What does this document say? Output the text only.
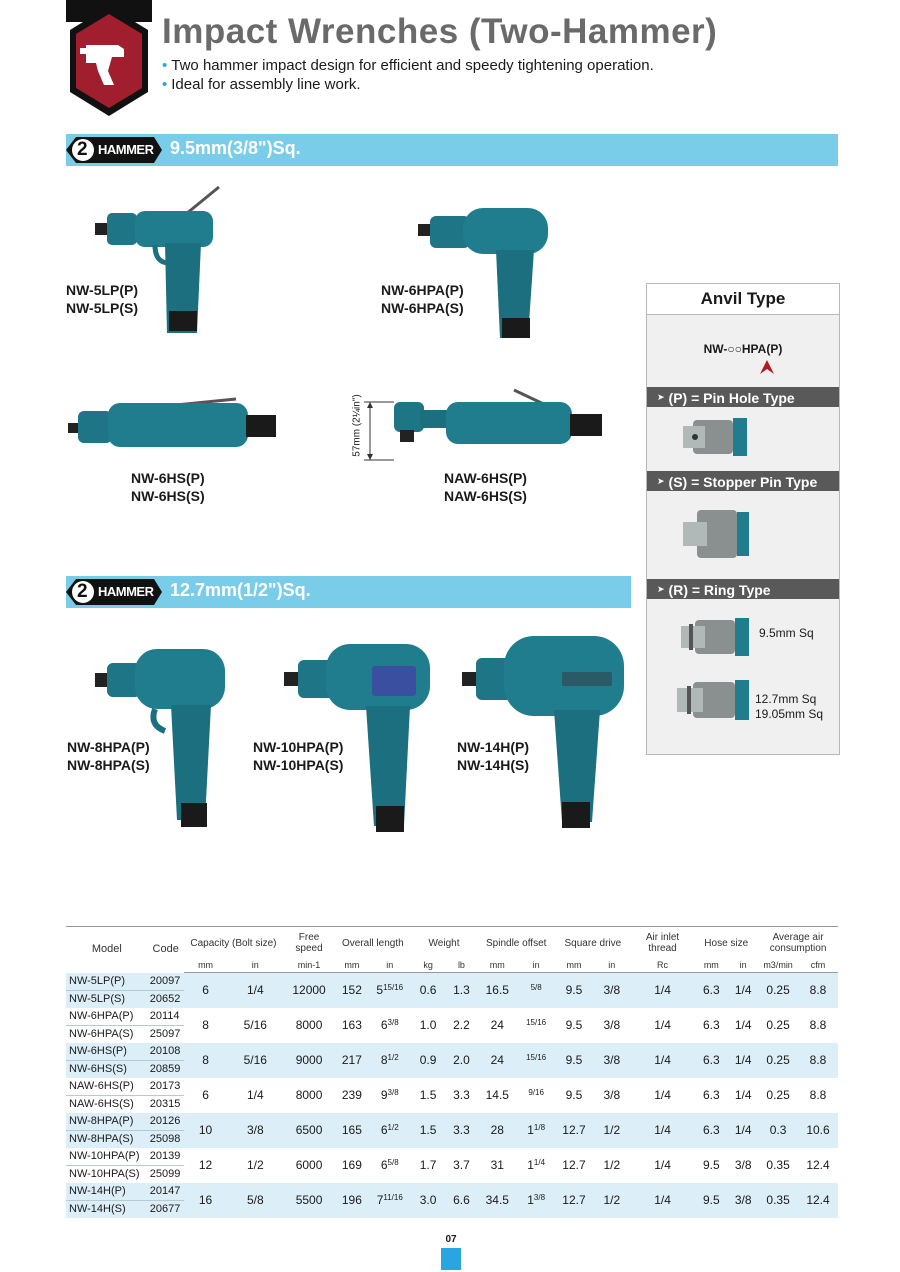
Impact Wrenches (Two-Hammer)
• Two hammer impact design for efficient and speedy tightening operation.
• Ideal for assembly line work.
2 HAMMER 9.5mm(3/8")Sq.
NW-5LP(P)
NW-5LP(S)
NW-6HPA(P)
NW-6HPA(S)
NW-6HS(P)
NW-6HS(S)
57mm (2¼in")
NAW-6HS(P)
NAW-6HS(S)
Anvil Type
NW-○○HPA(P)
➤ (P) = Pin Hole Type
➤ (S) = Stopper Pin Type
➤ (R) = Ring Type
9.5mm Sq
12.7mm Sq
19.05mm Sq
2 HAMMER 12.7mm(1/2")Sq.
NW-8HPA(P)
NW-8HPA(S)
NW-10HPA(P)
NW-10HPA(S)
NW-14H(P)
NW-14H(S)
Model	Code	Capacity (Bolt size)		Free speed	Overall length		Weight		Spindle offset		Square drive		Air inlet thread	Hose size		Average air consumption	
		mm	in	min-1	mm	in	kg	lb	mm	in	mm	in	Rc	mm	in	m3/min	cfm
NW-5LP(P)	20097	6	1/4	12000	152	$5^{15/16}$	0.6	1.3	16.5	$^{5/8}$	9.5	3/8	1/4	6.3	1/4	0.25	8.8
NW-5LP(S)	20652																
NW-6HPA(P)	20114	8	5/16	8000	163	$6^{3/8}$	1.0	2.2	24	$^{15/16}$	9.5	3/8	1/4	6.3	1/4	0.25	8.8
NW-6HPA(S)	25097																
NW-6HS(P)	20108	8	5/16	9000	217	$8^{1/2}$	0.9	2.0	24	$^{15/16}$	9.5	3/8	1/4	6.3	1/4	0.25	8.8
NW-6HS(S)	20859																
NAW-6HS(P)	20173	6	1/4	8000	239	$9^{3/8}$	1.5	3.3	14.5	$^{9/16}$	9.5	3/8	1/4	6.3	1/4	0.25	8.8
NAW-6HS(S)	20315																
NW-8HPA(P)	20126	10	3/8	6500	165	$6^{1/2}$	1.5	3.3	28	$1^{1/8}$	12.7	1/2	1/4	6.3	1/4	0.3	10.6
NW-8HPA(S)	25098																
NW-10HPA(P)	20139	12	1/2	6000	169	$6^{5/8}$	1.7	3.7	31	$1^{1/4}$	12.7	1/2	1/4	9.5	3/8	0.35	12.4
NW-10HPA(S)	25099																
NW-14H(P)	20147	16	5/8	5500	196	$7^{11/16}$	3.0	6.6	34.5	$1^{3/8}$	12.7	1/2	1/4	9.5	3/8	0.35	12.4
NW-14H(S)	20677																
07
